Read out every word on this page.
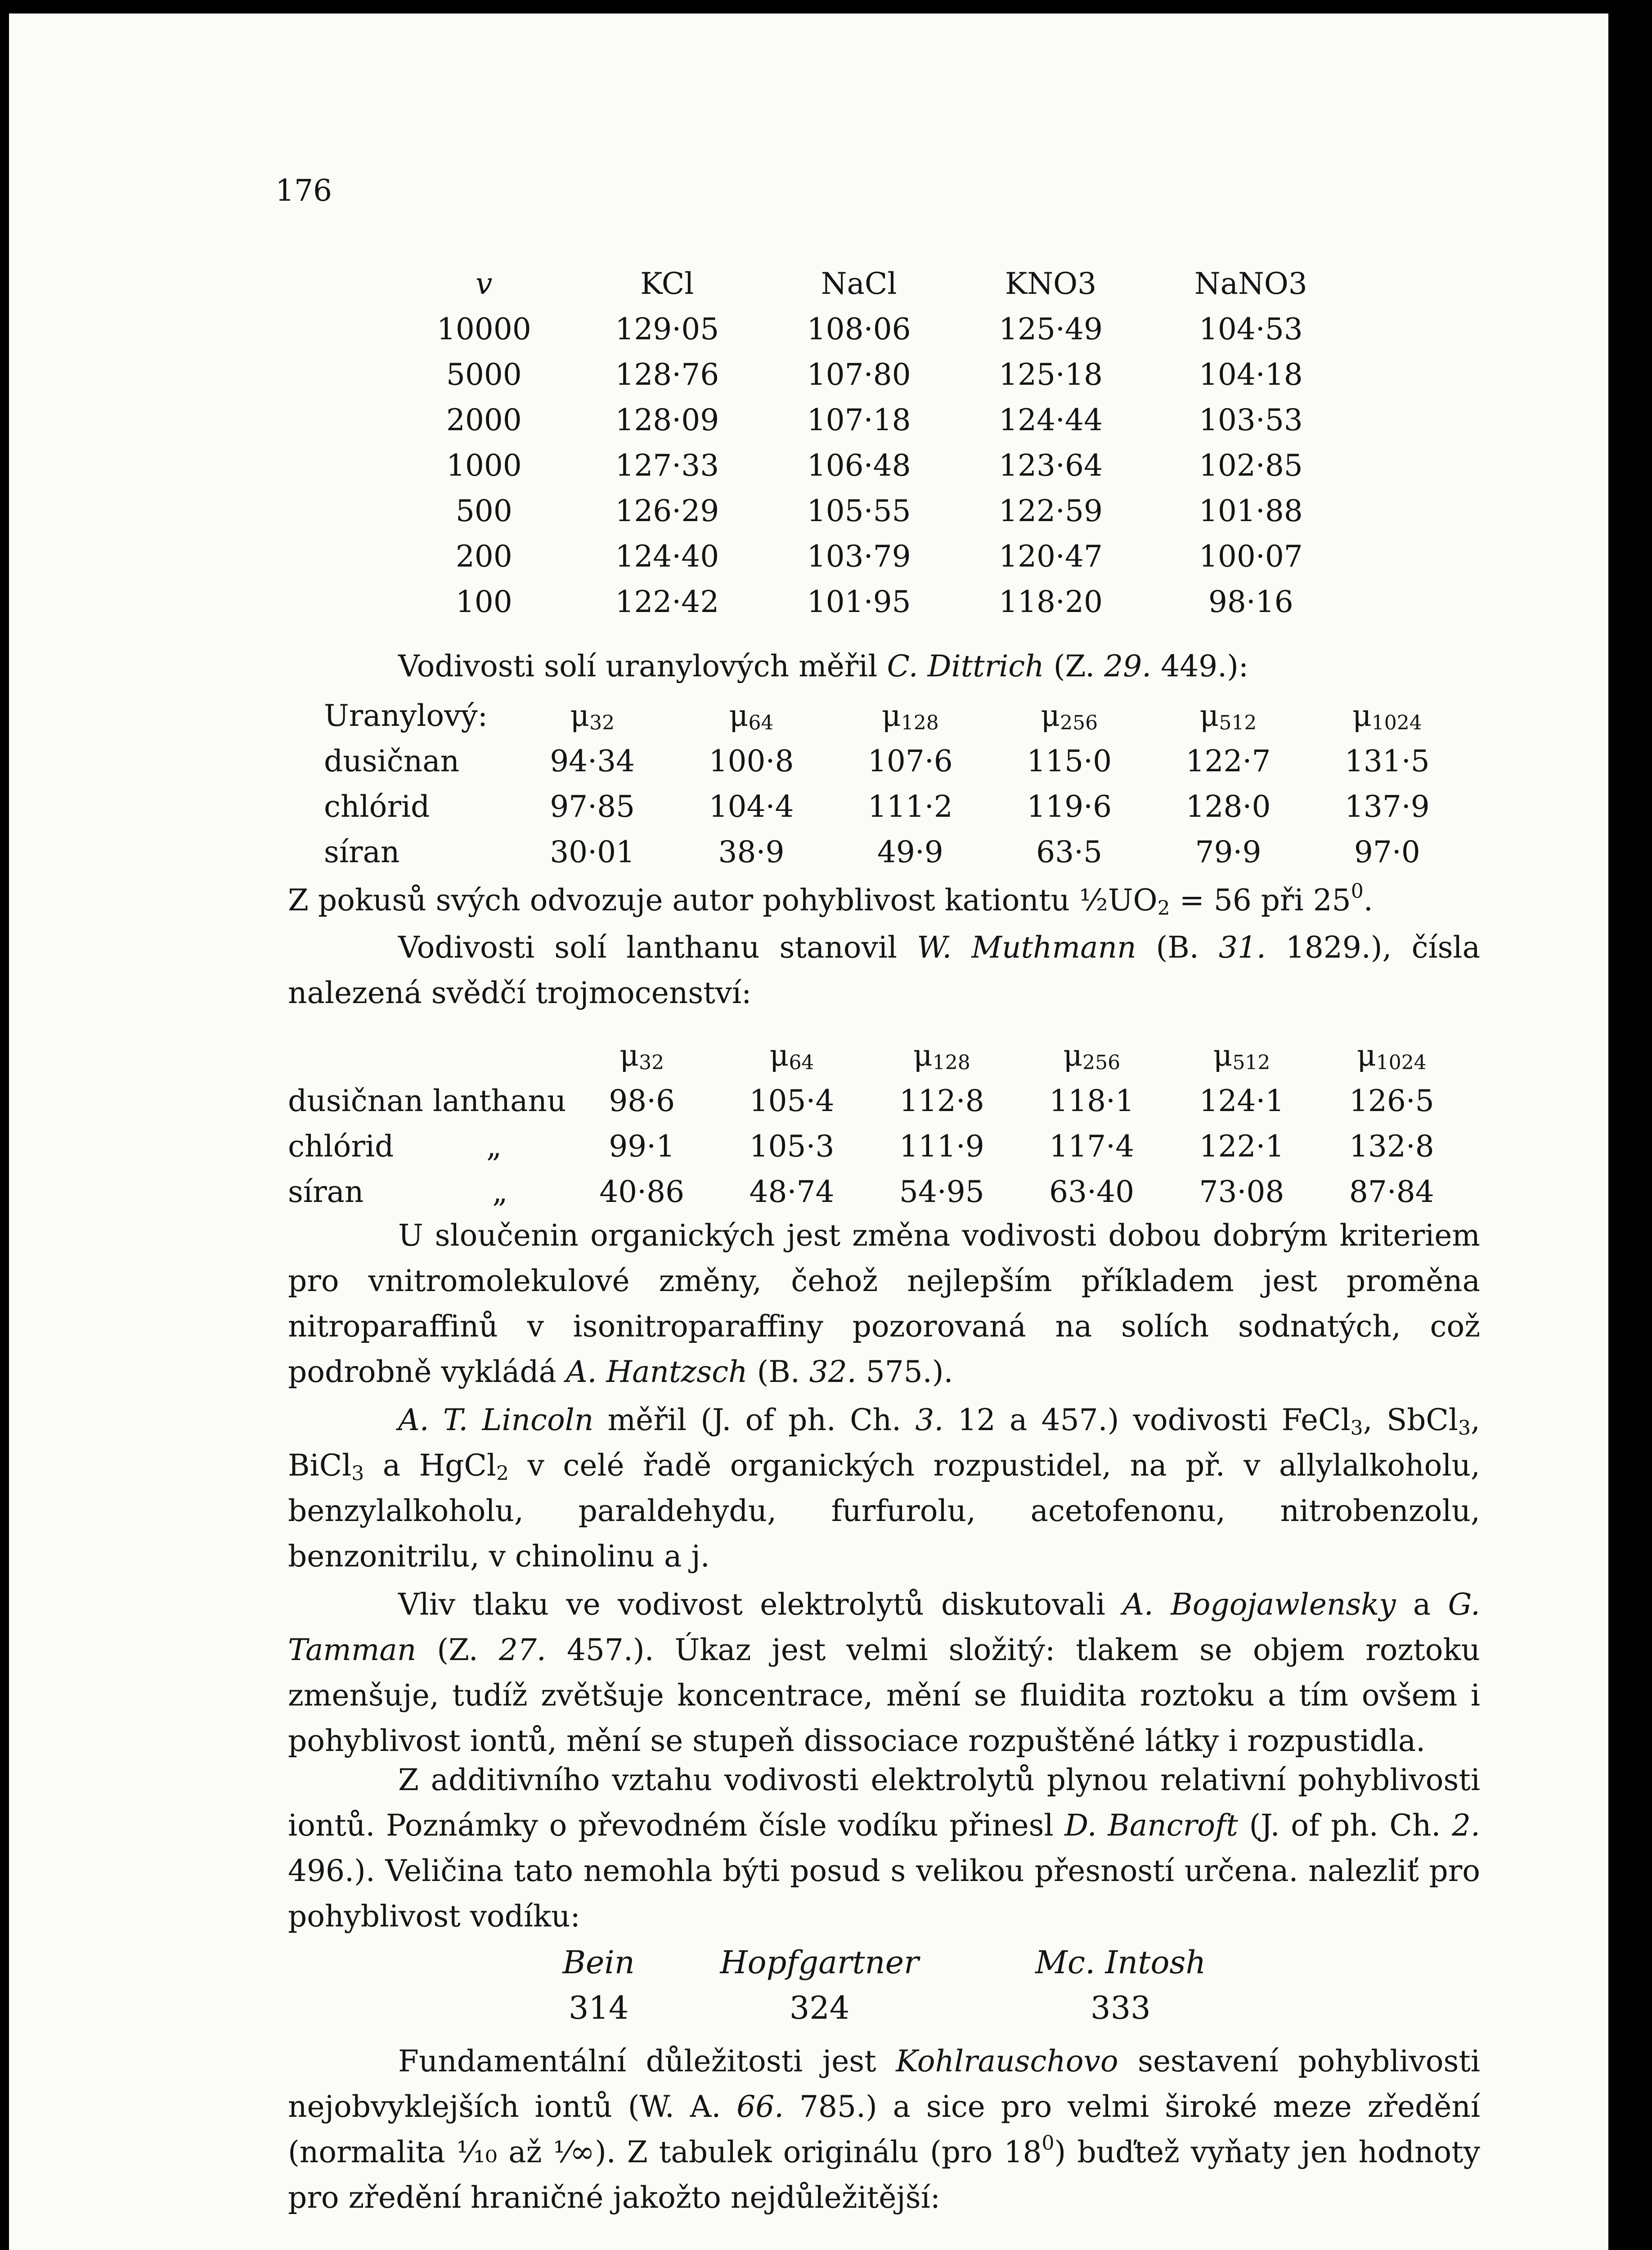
176
v	KCl	NaCl	KNO3	NaNO3
10000	129·05	108·06	125·49	104·53
5000	128·76	107·80	125·18	104·18
2000	128·09	107·18	124·44	103·53
1000	127·33	106·48	123·64	102·85
500	126·29	105·55	122·59	101·88
200	124·40	103·79	120·47	100·07
100	122·42	101·95	118·20	98·16

Vodivosti solí uranylových měřil C. Dittrich (Z. 29. 449.):

Uranylový:	$\mu_{32}$	$\mu_{64}$	$\mu_{128}$	$\mu_{256}$	$\mu_{512}$	$\mu_{1024}$
dusičnan	94·34	100·8	107·6	115·0	122·7	131·5
chlórid	97·85	104·4	111·2	119·6	128·0	137·9
síran	30·01	38·9	49·9	63·5	79·9	97·0

Z pokusů svých odvozuje autor pohyblivost kationtu $\frac{1}{2}UO_2 = 56$ při $25^0$.

Vodivosti solí lanthanu stanovil W. Muthmann (B. 31. 1829.), čísla nalezená svědčí trojmocenství:

	$\mu_{32}$	$\mu_{64}$	$\mu_{128}$	$\mu_{256}$	$\mu_{512}$	$\mu_{1024}$
dusičnan lanthanu	98·6	105·4	112·8	118·1	124·1	126·5
chlórid „	99·1	105·3	111·9	117·4	122·1	132·8
síran „	40·86	48·74	54·95	63·40	73·08	87·84

U sloučenin organických jest změna vodivosti dobou dobrým kriteriem pro vnitromolekulové změny, čehož nejlepším příkladem jest proměna nitroparaffinů v isonitroparaffiny pozorovaná na solích sodnatých, což podrobně vykládá A. Hantzsch (B. 32. 575.).

A. T. Lincoln měřil (J. of ph. Ch. 3. 12 a 457.) vodivosti FeCl$_3$, SbCl$_3$, BiCl$_3$ a HgCl$_2$ v celé řadě organických rozpustidel, na př. v allylalkoholu, benzylalkoholu, paraldehydu, furfurolu, acetofenonu, nitrobenzolu, benzonitrilu, v chinolinu a j.

Vliv tlaku ve vodivost elektrolytů diskutovali A. Bogojawlensky a G. Tamman (Z. 27. 457.). Úkaz jest velmi složitý: tlakem se objem roztoku zmenšuje, tudíž zvětšuje koncentrace, mění se fluidita roztoku a tím ovšem i pohyblivost iontů, mění se stupeň dissociace rozpuštěné látky i rozpustidla.

Z additivního vztahu vodivosti elektrolytů plynou relativní pohyblivosti iontů. Poznámky o převodném čísle vodíku přinesl D. Bancroft (J. of ph. Ch. 2. 496.). Veličina tato nemohla býti posud s velikou přesností určena. nalezliť pro pohyblivost vodíku:

Bein	Hopfgartner	Mc. Intosh
314	324	333

Fundamentální důležitosti jest Kohlrauschovo sestavení pohyblivosti nejobvyklejších iontů (W. A. 66. 785.) a sice pro velmi široké meze zředění (normalita ¹⁄₁₀ až ¹⁄∞). Z tabulek originálu (pro $18^0$) buďtež vyňaty jen hodnoty pro zředění hraničné jakožto nejdůležitější:
